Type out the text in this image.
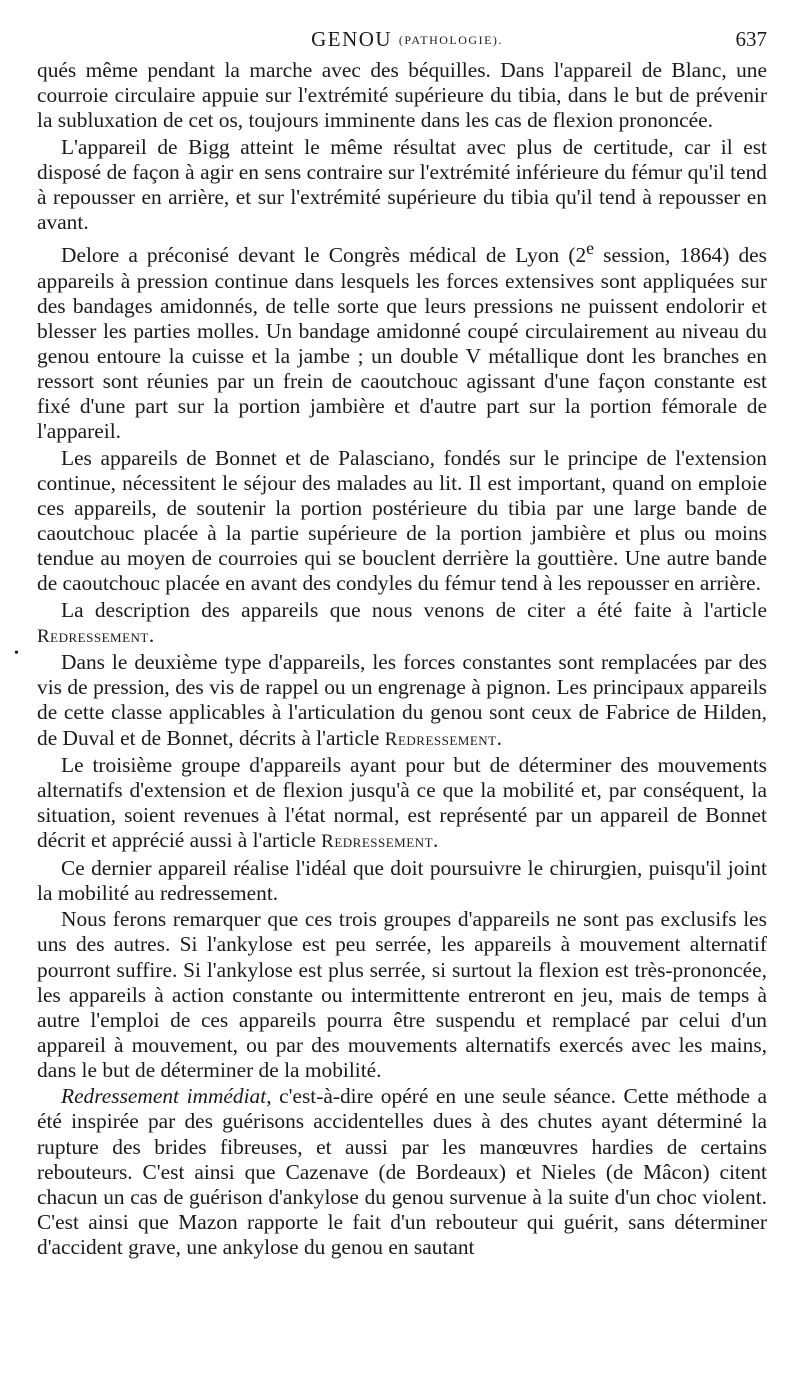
GENOU (PATHOLOGIE).	637
•

qués même pendant la marche avec des béquilles. Dans l'appareil de Blanc, une courroie circulaire appuie sur l'extrémité supérieure du tibia, dans le but de prévenir la subluxation de cet os, toujours imminente dans les cas de flexion prononcée.

L'appareil de Bigg atteint le même résultat avec plus de certitude, car il est disposé de façon à agir en sens contraire sur l'extrémité inférieure du fémur qu'il tend à repousser en arrière, et sur l'extrémité supérieure du tibia qu'il tend à repousser en avant.

Delore a préconisé devant le Congrès médical de Lyon (2e session, 1864) des appareils à pression continue dans lesquels les forces extensives sont appliquées sur des bandages amidonnés, de telle sorte que leurs pressions ne puissent endolorir et blesser les parties molles. Un bandage amidonné coupé circulairement au niveau du genou entoure la cuisse et la jambe ; un double V métallique dont les branches en ressort sont réunies par un frein de caoutchouc agissant d'une façon constante est fixé d'une part sur la portion jambière et d'autre part sur la portion fémorale de l'appareil.

Les appareils de Bonnet et de Palasciano, fondés sur le principe de l'extension continue, nécessitent le séjour des malades au lit. Il est important, quand on emploie ces appareils, de soutenir la portion postérieure du tibia par une large bande de caoutchouc placée à la partie supérieure de la portion jambière et plus ou moins tendue au moyen de courroies qui se bouclent derrière la gouttière. Une autre bande de caoutchouc placée en avant des condyles du fémur tend à les repousser en arrière.

La description des appareils que nous venons de citer a été faite à l'article Redressement.

Dans le deuxième type d'appareils, les forces constantes sont remplacées par des vis de pression, des vis de rappel ou un engrenage à pignon. Les principaux appareils de cette classe applicables à l'articulation du genou sont ceux de Fabrice de Hilden, de Duval et de Bonnet, décrits à l'article Redressement.

Le troisième groupe d'appareils ayant pour but de déterminer des mouvements alternatifs d'extension et de flexion jusqu'à ce que la mobilité et, par conséquent, la situation, soient revenues à l'état normal, est représenté par un appareil de Bonnet décrit et apprécié aussi à l'article Redressement.

Ce dernier appareil réalise l'idéal que doit poursuivre le chirurgien, puisqu'il joint la mobilité au redressement.

Nous ferons remarquer que ces trois groupes d'appareils ne sont pas exclusifs les uns des autres. Si l'ankylose est peu serrée, les appareils à mouvement alternatif pourront suffire. Si l'ankylose est plus serrée, si surtout la flexion est très-prononcée, les appareils à action constante ou intermittente entreront en jeu, mais de temps à autre l'emploi de ces appareils pourra être suspendu et remplacé par celui d'un appareil à mouvement, ou par des mouvements alternatifs exercés avec les mains, dans le but de déterminer de la mobilité.

Redressement immédiat, c'est-à-dire opéré en une seule séance. Cette méthode a été inspirée par des guérisons accidentelles dues à des chutes ayant déterminé la rupture des brides fibreuses, et aussi par les manœuvres hardies de certains rebouteurs. C'est ainsi que Cazenave (de Bordeaux) et Nieles (de Mâcon) citent chacun un cas de guérison d'ankylose du genou survenue à la suite d'un choc violent. C'est ainsi que Mazon rapporte le fait d'un rebouteur qui guérit, sans déterminer d'accident grave, une ankylose du genou en sautant
